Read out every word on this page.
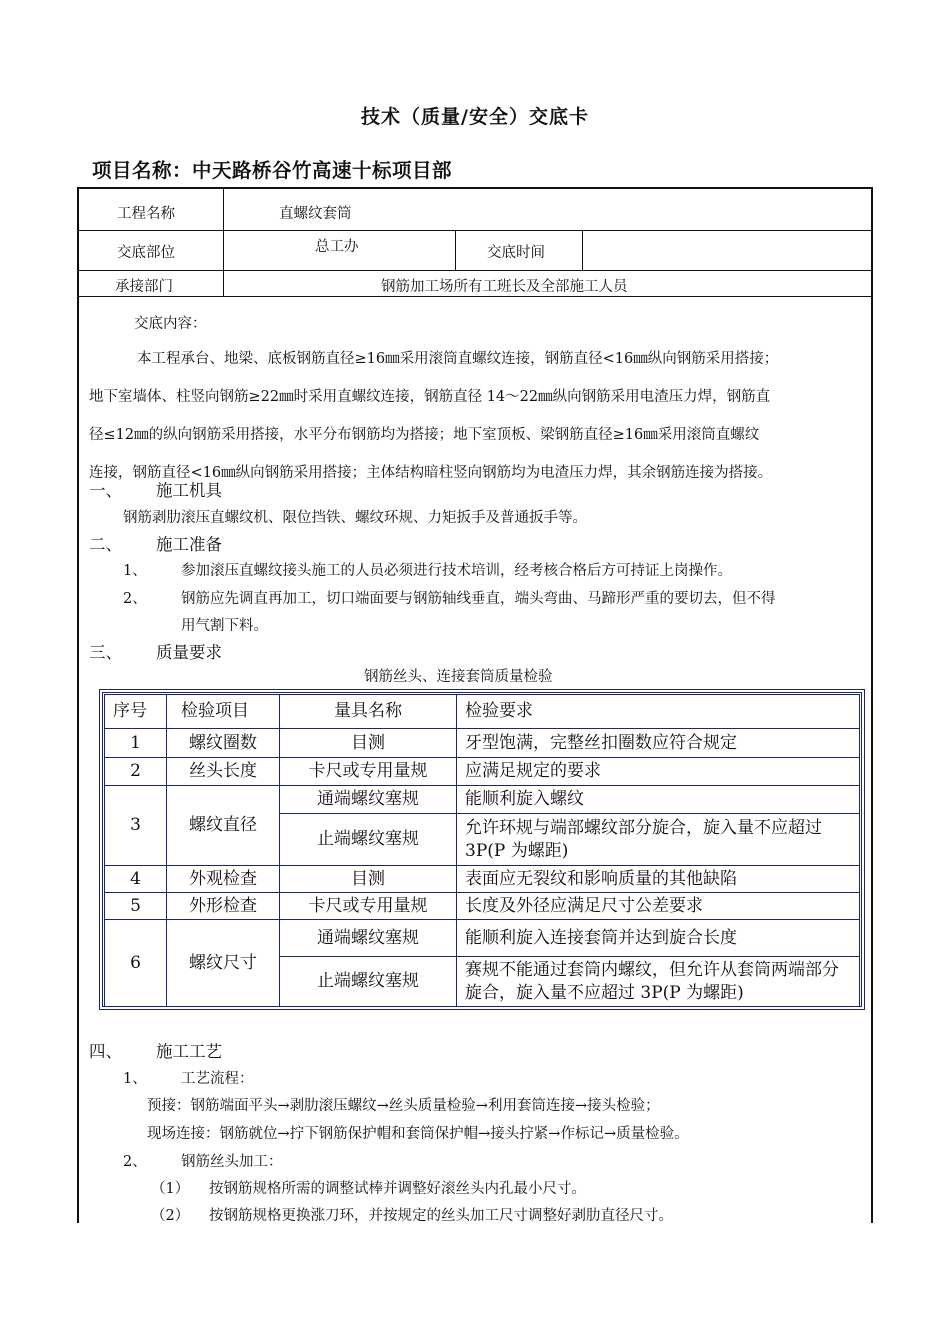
技术（质量/安全）交底卡
项目名称：中天路桥谷竹高速十标项目部
工程名称	直螺纹套筒
交底部位	总工办	交底时间
承接部门	钢筋加工场所有工班长及全部施工人员
交底内容：
本工程承台、地梁、底板钢筋直径≥16㎜采用滚筒直螺纹连接，钢筋直径<16㎜纵向钢筋采用搭接；
地下室墙体、柱竖向钢筋≥22㎜时采用直螺纹连接，钢筋直径 14～22㎜纵向钢筋采用电渣压力焊，钢筋直
径≤12㎜的纵向钢筋采用搭接，水平分布钢筋均为搭接；地下室顶板、梁钢筋直径≥16㎜采用滚筒直螺纹
连接，钢筋直径<16㎜纵向钢筋采用搭接；主体结构暗柱竖向钢筋均为电渣压力焊，其余钢筋连接为搭接。
一、 施工机具
钢筋剥肋滚压直螺纹机、限位挡铁、螺纹环规、力矩扳手及普通扳手等。
二、 施工准备
1、 参加滚压直螺纹接头施工的人员必须进行技术培训，经考核合格后方可持证上岗操作。
2、 钢筋应先调直再加工，切口端面要与钢筋轴线垂直，端头弯曲、马蹄形严重的要切去，但不得
用气割下料。
三、 质量要求
钢筋丝头、连接套筒质量检验
序号	检验项目	量具名称	检验要求
1	螺纹圈数	目测	牙型饱满，完整丝扣圈数应符合规定
2	丝头长度	卡尺或专用量规	应满足规定的要求
3	螺纹直径	通端螺纹塞规	能顺利旋入螺纹
		止端螺纹塞规	允许环规与端部螺纹部分旋合，旋入量不应超过 3P(P 为螺距)
4	外观检查	目测	表面应无裂纹和影响质量的其他缺陷
5	外形检查	卡尺或专用量规	长度及外径应满足尺寸公差要求
6	螺纹尺寸	通端螺纹塞规	能顺利旋入连接套筒并达到旋合长度
		止端螺纹塞规	赛规不能通过套筒内螺纹，但允许从套筒两端部分旋合，旋入量不应超过 3P(P 为螺距)
四、 施工工艺
1、 工艺流程：
预接：钢筋端面平头→剥肋滚压螺纹→丝头质量检验→利用套筒连接→接头检验；
现场连接：钢筋就位→拧下钢筋保护帽和套筒保护帽→接头拧紧→作标记→质量检验。
2、 钢筋丝头加工：
（1） 按钢筋规格所需的调整试棒并调整好滚丝头内孔最小尺寸。
（2） 按钢筋规格更换涨刀环，并按规定的丝头加工尺寸调整好剥肋直径尺寸。
